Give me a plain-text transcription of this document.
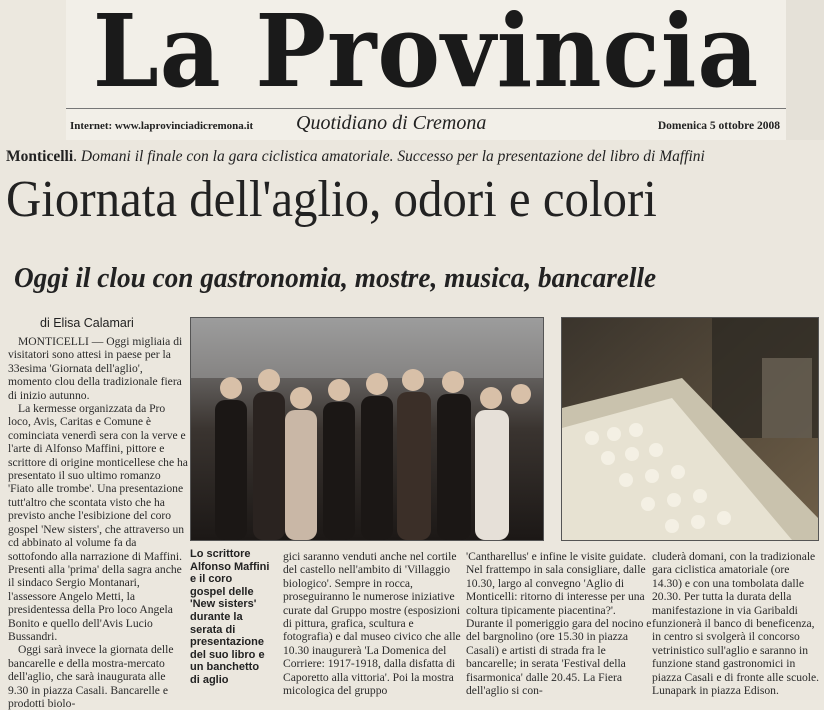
La Provincia
Internet: www.laprovinciadicremona.it Quotidiano di Cremona	Domenica 5 ottobre 2008
Monticelli. Domani il finale con la gara ciclistica amatoriale. Successo per la presentazione del libro di Maffini
Giornata dell'aglio, odori e colori
Oggi il clou con gastronomia, mostre, musica, bancarelle
di Elisa Calamari

MONTICELLI — Oggi migliaia di visitatori sono attesi in paese per la 33esima 'Giornata dell'aglio', momento clou della tradizionale fiera di inizio autunno.

La kermesse organizzata da Pro loco, Avis, Caritas e Comune è cominciata venerdì sera con la verve e l'arte di Alfonso Maffini, pittore e scrittore di origine monticellese che ha presentato il suo ultimo romanzo 'Fiato alle trombe'. Una presentazione tutt'altro che scontata visto che ha previsto anche l'esibizione del coro gospel 'New sisters', che attraverso un cd abbinato al volume fa da sottofondo alla narrazione di Maffini. Presenti alla 'prima' della sagra anche il sindaco Sergio Montanari, l'assessore Angelo Metti, la presidentessa della Pro loco Angela Bonito e quello dell'Avis Lucio Bussandri.

Oggi sarà invece la giornata delle bancarelle e della mostra-mercato dell'aglio, che sarà inaugurata alle 9.30 in piazza Casali. Bancarelle e prodotti biolo-

Lo scrittore Alfonso Maffini e il coro gospel delle 'New sisters' durante la serata di presentazione del suo libro e un banchetto di aglio

gici saranno venduti anche nel cortile del castello nell'ambito di 'Villaggio biologico'. Sempre in rocca, proseguiranno le numerose iniziative curate dal Gruppo mostre (esposizioni di pittura, grafica, scultura e fotografia) e dal museo civico che alle 10.30 inaugurerà 'La Domenica del Corriere: 1917-1918, dalla disfatta di Caporetto alla vittoria'. Poi la mostra micologica del gruppo

'Cantharellus' e infine le visite guidate. Nel frattempo in sala consigliare, dalle 10.30, largo al convegno 'Aglio di Monticelli: ritorno di interesse per una coltura tipicamente piacentina?'. Durante il pomeriggio gara del nocino e del bargnolino (ore 15.30 in piazza Casali) e artisti di strada fra le bancarelle; in serata 'Festival della fisarmonica' dalle 20.45. La Fiera dell'aglio si con-

cluderà domani, con la tradizionale gara ciclistica amatoriale (ore 14.30) e con una tombolata dalle 20.30. Per tutta la durata della manifestazione in via Garibaldi funzionerà il banco di beneficenza, in centro si svolgerà il concorso vetrinistico sull'aglio e saranno in funzione stand gastronomici in piazza Casali e di fronte alle scuole. Lunapark in piazza Edison.
